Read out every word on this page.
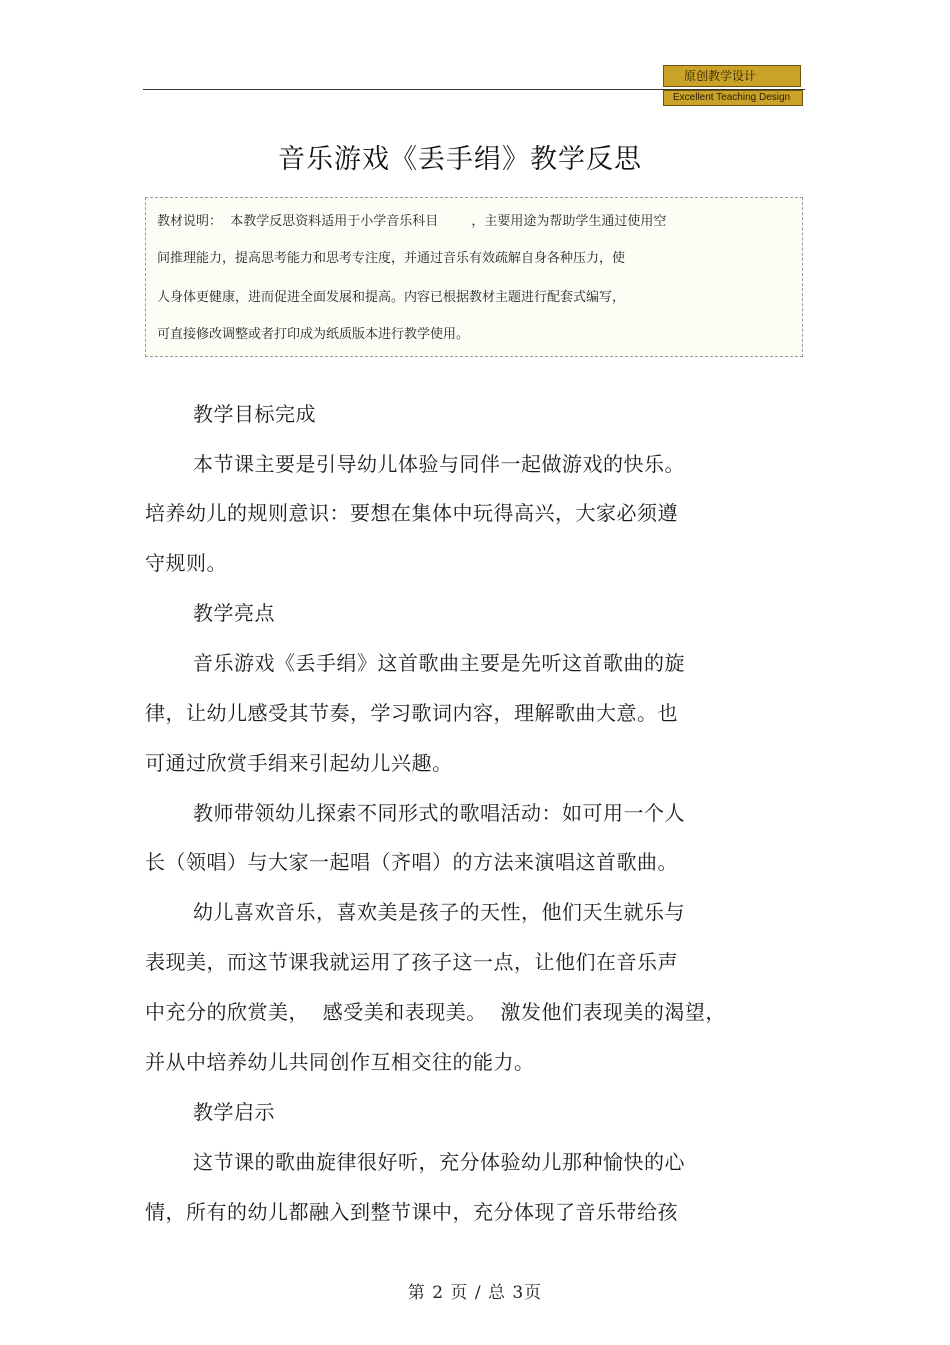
原创教学设计
Excellent Teaching Design
音乐游戏《丢手绢》教学反思
教材说明：  本教学反思资料适用于小学音乐科目        ，主要用途为帮助学生通过使用空
间推理能力，提高思考能力和思考专注度，并通过音乐有效疏解自身各种压力，使
人身体更健康，进而促进全面发展和提高。内容已根据教材主题进行配套式编写，
可直接修改调整或者打印成为纸质版本进行教学使用。
教学目标完成
本节课主要是引导幼儿体验与同伴一起做游戏的快乐。
培养幼儿的规则意识：要想在集体中玩得高兴，大家必须遵
守规则。
教学亮点
音乐游戏《丢手绢》这首歌曲主要是先听这首歌曲的旋
律，让幼儿感受其节奏，学习歌词内容，理解歌曲大意。也
可通过欣赏手绢来引起幼儿兴趣。
教师带领幼儿探索不同形式的歌唱活动：如可用一个人
长（领唱）与大家一起唱（齐唱）的方法来演唱这首歌曲。
幼儿喜欢音乐，喜欢美是孩子的天性，他们天生就乐与
表现美，而这节课我就运用了孩子这一点，让他们在音乐声
中充分的欣赏美，  感受美和表现美。  激发他们表现美的渴望，
并从中培养幼儿共同创作互相交往的能力。
教学启示
这节课的歌曲旋律很好听，充分体验幼儿那种愉快的心
情，所有的幼儿都融入到整节课中，充分体现了音乐带给孩
第 2 页 / 总 3页
